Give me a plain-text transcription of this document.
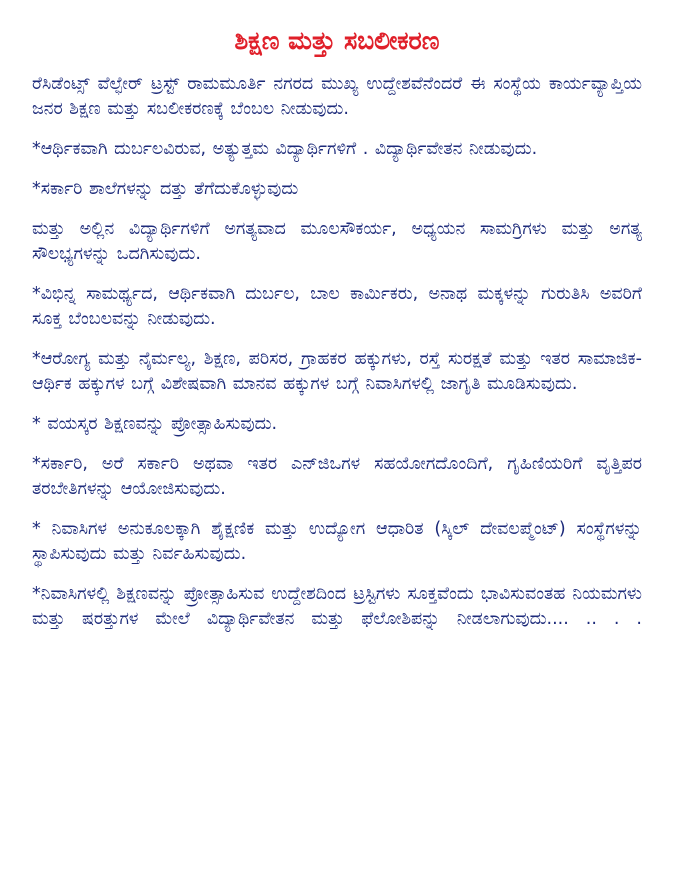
ಶಿಕ್ಷಣ ಮತ್ತು ಸಬಲೀಕರಣ

ರೆಸಿಡೆಂಟ್ಸ್ ವೆಲ್ಫೇರ್ ಟ್ರಸ್ಟ್ ರಾಮಮೂರ್ತಿ ನಗರದ ಮುಖ್ಯ ಉದ್ದೇಶವೆನೆಂದರೆ ಈ ಸಂಸ್ಥೆಯ ಕಾರ್ಯವ್ಯಾಪ್ತಿಯ ಜನರ ಶಿಕ್ಷಣ ಮತ್ತು ಸಬಲೀಕರಣಕ್ಕೆ ಬೆಂಬಲ ನೀಡುವುದು.

*ಆರ್ಥಿಕವಾಗಿ ದುರ್ಬಲವಿರುವ, ಅತ್ಯುತ್ತಮ ವಿದ್ಯಾರ್ಥಿಗಳಿಗೆ . ವಿದ್ಯಾರ್ಥಿವೇತನ ನೀಡುವುದು.

*ಸರ್ಕಾರಿ ಶಾಲೆಗಳನ್ನು ದತ್ತು ತೆಗೆದುಕೊಳ್ಳುವುದು

ಮತ್ತು ಅಲ್ಲಿನ ವಿದ್ಯಾರ್ಥಿಗಳಿಗೆ ಅಗತ್ಯವಾದ ಮೂಲಸೌಕರ್ಯ, ಅಧ್ಯಯನ ಸಾಮಗ್ರಿಗಳು ಮತ್ತು ಅಗತ್ಯ ಸೌಲಭ್ಯಗಳನ್ನು ಒದಗಿಸುವುದು.

*ವಿಭಿನ್ನ ಸಾಮರ್ಥ್ಯದ, ಆರ್ಥಿಕವಾಗಿ ದುರ್ಬಲ, ಬಾಲ ಕಾರ್ಮಿಕರು, ಅನಾಥ ಮಕ್ಕಳನ್ನು ಗುರುತಿಸಿ ಅವರಿಗೆ ಸೂಕ್ತ ಬೆಂಬಲವನ್ನು ನೀಡುವುದು.

*ಆರೋಗ್ಯ ಮತ್ತು ನೈರ್ಮಲ್ಯ, ಶಿಕ್ಷಣ, ಪರಿಸರ, ಗ್ರಾಹಕರ ಹಕ್ಕುಗಳು, ರಸ್ತೆ ಸುರಕ್ಷತೆ ಮತ್ತು ಇತರ ಸಾಮಾಜಿಕ-ಆರ್ಥಿಕ ಹಕ್ಕುಗಳ ಬಗ್ಗೆ ವಿಶೇಷವಾಗಿ ಮಾನವ ಹಕ್ಕುಗಳ ಬಗ್ಗೆ ನಿವಾಸಿಗಳಲ್ಲಿ ಜಾಗೃತಿ ಮೂಡಿಸುವುದು.

* ವಯಸ್ಕರ ಶಿಕ್ಷಣವನ್ನು ಪ್ರೋತ್ಸಾಹಿಸುವುದು.

*ಸರ್ಕಾರಿ, ಅರೆ ಸರ್ಕಾರಿ ಅಥವಾ ಇತರ ಎನ್‌ಜಿಒಗಳ ಸಹಯೋಗದೊಂದಿಗೆ, ಗೃಹಿಣಿಯರಿಗೆ ವೃತ್ತಿಪರ ತರಬೇತಿಗಳನ್ನು ಆಯೋಜಿಸುವುದು.

* ನಿವಾಸಿಗಳ ಅನುಕೂಲಕ್ಕಾಗಿ ಶೈಕ್ಷಣಿಕ ಮತ್ತು ಉದ್ಯೋಗ ಆಧಾರಿತ (ಸ್ಕಿಲ್ ದೇವಲಪ್ಮೆಂಟ್) ಸಂಸ್ಥೆಗಳನ್ನು ಸ್ಥಾಪಿಸುವುದು ಮತ್ತು ನಿರ್ವಹಿಸುವುದು.

*ನಿವಾಸಿಗಳಲ್ಲಿ ಶಿಕ್ಷಣವನ್ನು ಪ್ರೋತ್ಸಾಹಿಸುವ ಉದ್ದೇಶದಿಂದ ಟ್ರಸ್ಟಿಗಳು ಸೂಕ್ತವೆಂದು ಭಾವಿಸುವಂತಹ ನಿಯಮಗಳು ಮತ್ತು ಷರತ್ತುಗಳ ಮೇಲೆ ವಿದ್ಯಾರ್ಥಿವೇತನ ಮತ್ತು ಫೆಲೋಶಿಪನ್ನು ನೀಡಲಾಗುವುದು.... .. . .
